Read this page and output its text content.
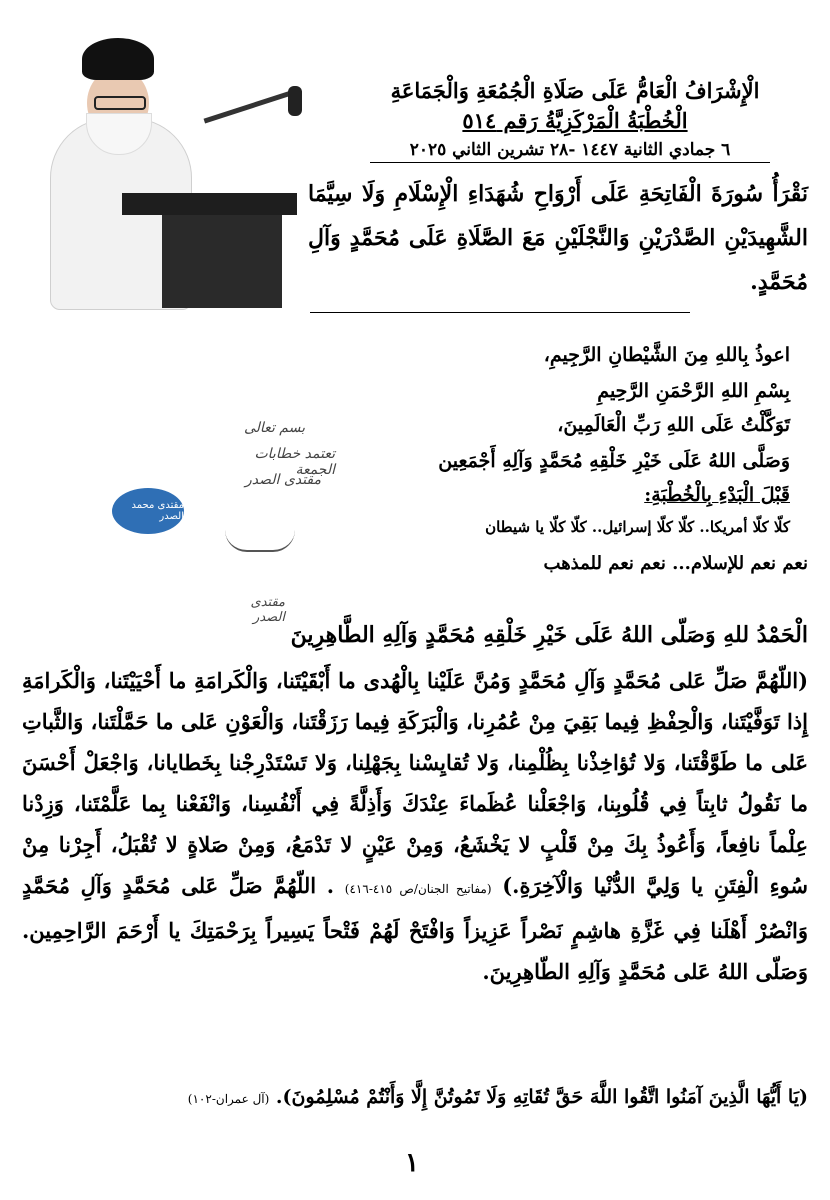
الْإِشْرَافُ الْعَامُّ عَلَى صَلَاةِ الْجُمُعَةِ وَالْجَمَاعَةِ
الْخُطْبَةُ الْمَرْكَزِيَّةُ رَقم ٥١٤
٦ جمادي الثانية ١٤٤٧ -٢٨ تشرين الثاني ٢٠٢٥
نَقْرَأُ سُورَةَ الْفَاتِحَةِ عَلَى أَرْوَاحِ شُهَدَاءِ الْإِسْلَامِ وَلَا سِيَّمَا الشَّهِيدَيْنِ الصَّدْرَيْنِ وَالنَّجْلَيْنِ مَعَ الصَّلَاةِ عَلَى مُحَمَّدٍ وَآلِ مُحَمَّدٍ.
اعوذُ بِاللهِ مِنَ الشَّيْطانِ الرَّجِيمِ،
بِسْمِ اللهِ الرَّحْمَنِ الرَّحِيمِ
تَوَكَّلْتُ عَلَى اللهِ رَبِّ الْعَالَمِينَ،
وَصَلَّى اللهُ عَلَى خَيْرِ خَلْقِهِ مُحَمَّدٍ وَآلِهِ أَجْمَعِين
قَبْلَ الْبَدْءِ بِالْخُطْبَةِ:
كلّا كلّا أمريكا.. كلّا كلّا إسرائيل.. كلّا كلّا يا شيطان
نعم نعم للإسلام... نعم نعم للمذهب
بسم تعالى
تعتمد خطابات الجمعة
مقتدى الصدر
مقتدى الصدر
مقتدى محمد الصدر
الْحَمْدُ للهِ وَصَلّى اللهُ عَلَى خَيْرِ خَلْقِهِ مُحَمَّدٍ وَآلِهِ الطَّاهِرِينَ
(اللّهُمَّ صَلِّ عَلى مُحَمَّدٍ وَآلِ مُحَمَّدٍ وَمُنَّ عَلَيْنا بِالْهُدى ما أَبْقَيْتَنا، وَالْكَرامَةِ ما أَحْيَيْتَنا، وَالْكَرامَةِ إِذا تَوَفَّيْتَنا، وَالْحِفْظِ فِيما بَقِيَ مِنْ عُمُرِنا، وَالْبَرَكَةِ فِيما رَزَقْتَنا، وَالْعَوْنِ عَلى ما حَمَّلْتَنا، وَالثَّباتِ عَلى ما طَوَّقْتَنا، وَلا تُؤاخِذْنا بِظُلْمِنا، وَلا تُقايِسْنا بِجَهْلِنا، وَلا تَسْتَدْرِجْنا بِخَطايانا، وَاجْعَلْ أَحْسَنَ ما نَقُولُ ثابِتاً فِي قُلُوبِنا، وَاجْعَلْنا عُظَماءَ عِنْدَكَ وَأَذِلَّةً فِي أَنْفُسِنا، وَانْفَعْنا بِما عَلَّمْتَنا، وَزِدْنا عِلْماً نافِعاً، وَأَعُوذُ بِكَ مِنْ قَلْبٍ لا يَخْشَعُ، وَمِنْ عَيْنٍ لا تَدْمَعُ، وَمِنْ صَلاةٍ لا تُقْبَلُ، أَجِرْنا مِنْ سُوءِ الْفِتَنِ يا وَلِيَّ الدُّنْيا وَالْآخِرَةِ.) (مفاتيح الجنان/ص ٤١٥-٤١٦) . اللّهُمَّ صَلِّ عَلى مُحَمَّدٍ وَآلِ مُحَمَّدٍ وَانْصُرْ أَهْلَنا فِي غَزَّةِ هاشِمٍ نَصْراً عَزِيزاً وَافْتَحْ لَهُمْ فَتْحاً يَسِيراً بِرَحْمَتِكَ يا أَرْحَمَ الرَّاحِمِين. وَصَلّى اللهُ عَلى مُحَمَّدٍ وَآلِهِ الطّاهِرِينَ.
(يَا أَيُّهَا الَّذِينَ آمَنُوا اتَّقُوا اللَّهَ حَقَّ تُقَاتِهِ وَلَا تَمُوتُنَّ إِلَّا وَأَنْتُمْ مُسْلِمُونَ). (آل عمران-١٠٢)
١
